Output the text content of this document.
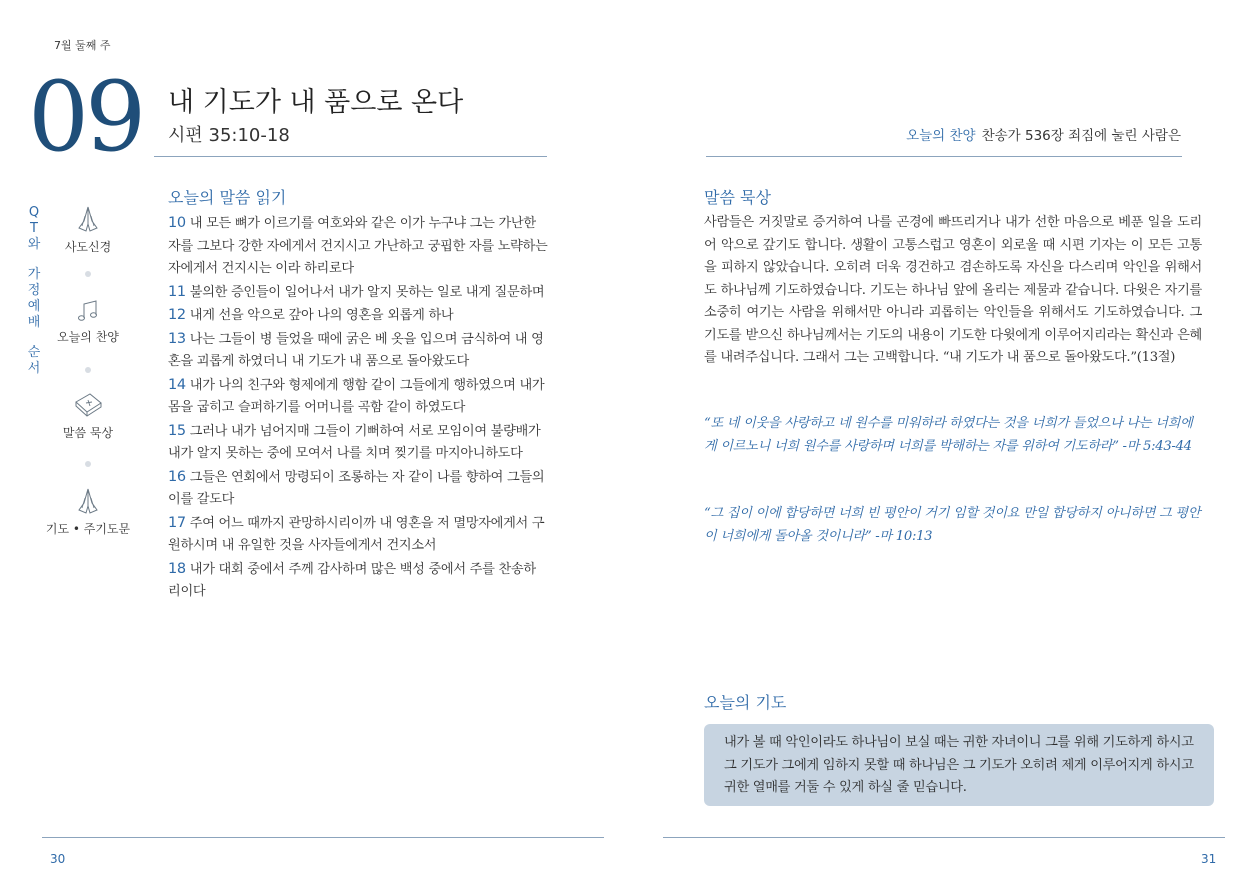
7월 둘째 주
09 내 기도가 내 품으로 온다
시편 35:10-18
Q
T
와
가
정
예
배
순
서
사도신경
오늘의 찬양
말씀 묵상
기도 • 주기도문
오늘의 말씀 읽기
10 내 모든 뼈가 이르기를 여호와와 같은 이가 누구냐 그는 가난한 자를 그보다 강한 자에게서 건지시고 가난하고 궁핍한 자를 노략하는 자에게서 건지시는 이라 하리로다
11 불의한 증인들이 일어나서 내가 알지 못하는 일로 내게 질문하며
12 내게 선을 악으로 갚아 나의 영혼을 외롭게 하나
13 나는 그들이 병 들었을 때에 굵은 베 옷을 입으며 금식하여 내 영혼을 괴롭게 하였더니 내 기도가 내 품으로 돌아왔도다
14 내가 나의 친구와 형제에게 행함 같이 그들에게 행하였으며 내가 몸을 굽히고 슬퍼하기를 어머니를 곡함 같이 하였도다
15 그러나 내가 넘어지매 그들이 기뻐하여 서로 모임이여 불량배가 내가 알지 못하는 중에 모여서 나를 치며 찢기를 마지아니하도다
16 그들은 연회에서 망령되이 조롱하는 자 같이 나를 향하여 그들의 이를 갈도다
17 주여 어느 때까지 관망하시리이까 내 영혼을 저 멸망자에게서 구원하시며 내 유일한 것을 사자들에게서 건지소서
18 내가 대회 중에서 주께 감사하며 많은 백성 중에서 주를 찬송하리이다
30
오늘의 찬양 찬송가 536장 죄짐에 눌린 사람은
말씀 묵상
사람들은 거짓말로 증거하여 나를 곤경에 빠뜨리거나 내가 선한 마음으로 베푼 일을 도리어 악으로 갚기도 합니다. 생활이 고통스럽고 영혼이 외로울 때 시편 기자는 이 모든 고통을 피하지 않았습니다. 오히려 더욱 경건하고 겸손하도록 자신을 다스리며 악인을 위해서도 하나님께 기도하였습니다. 기도는 하나님 앞에 올리는 제물과 같습니다. 다윗은 자기를 소중히 여기는 사람을 위해서만 아니라 괴롭히는 악인들을 위해서도 기도하였습니다. 그 기도를 받으신 하나님께서는 기도의 내용이 기도한 다윗에게 이루어지리라는 확신과 은혜를 내려주십니다. 그래서 그는 고백합니다. “내 기도가 내 품으로 돌아왔도다.”(13절)
“또 네 이웃을 사랑하고 네 원수를 미워하라 하였다는 것을 너희가 들었으나 나는 너희에게 이르노니 너희 원수를 사랑하며 너희를 박해하는 자를 위하여 기도하라” -마 5:43-44
“그 집이 이에 합당하면 너희 빈 평안이 거기 임할 것이요 만일 합당하지 아니하면 그 평안이 너희에게 돌아올 것이니라” -마 10:13
오늘의 기도
내가 볼 때 악인이라도 하나님이 보실 때는 귀한 자녀이니 그를 위해 기도하게 하시고
그 기도가 그에게 임하지 못할 때 하나님은 그 기도가 오히려 제게 이루어지게 하시고
귀한 열매를 거둘 수 있게 하실 줄 믿습니다.
31
